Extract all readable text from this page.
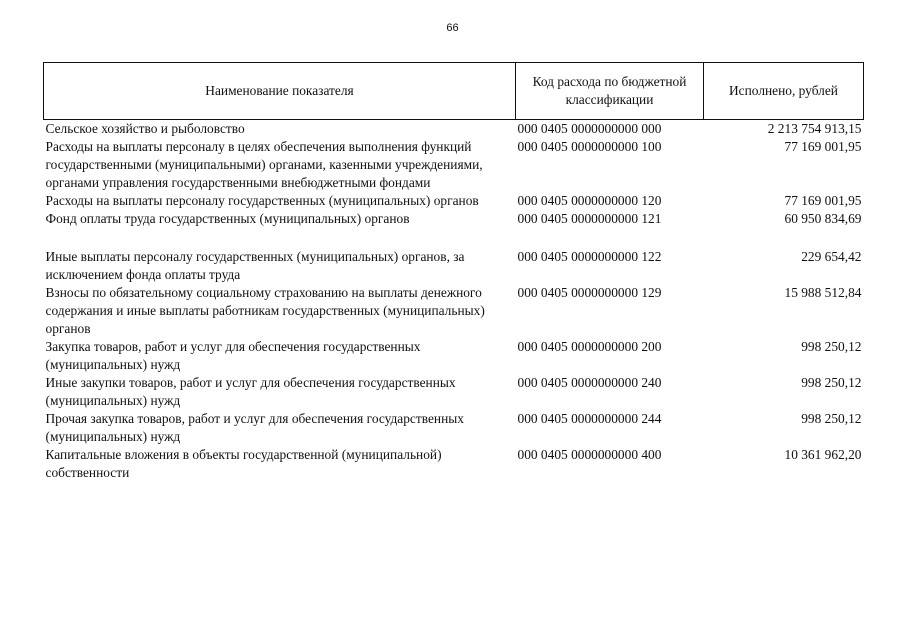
66
Наименование показателя	Код расхода по бюджетной классификации	Исполнено, рублей
Сельское хозяйство и рыболовство	000 0405 0000000000 000	2 213 754 913,15
Расходы на выплаты персоналу в целях обеспечения выполнения функций государственными (муниципальными) органами, казенными учреждениями, органами управления государственными внебюджетными фондами	000 0405 0000000000 100	77 169 001,95
Расходы на выплаты персоналу государственных (муниципальных) органов	000 0405 0000000000 120	77 169 001,95
Фонд оплаты труда государственных (муниципальных) органов	000 0405 0000000000 121	60 950 834,69
Иные выплаты персоналу государственных (муниципальных) органов, за исключением фонда оплаты труда	000 0405 0000000000 122	229 654,42
Взносы по обязательному социальному страхованию на выплаты денежного содержания и иные выплаты работникам государственных (муниципальных) органов	000 0405 0000000000 129	15 988 512,84
Закупка товаров, работ и услуг для обеспечения государственных (муниципальных) нужд	000 0405 0000000000 200	998 250,12
Иные закупки товаров, работ и услуг для обеспечения государственных (муниципальных) нужд	000 0405 0000000000 240	998 250,12
Прочая закупка товаров, работ и услуг для обеспечения государственных (муниципальных) нужд	000 0405 0000000000 244	998 250,12
Капитальные вложения в объекты государственной (муниципальной) собственности	000 0405 0000000000 400	10 361 962,20
